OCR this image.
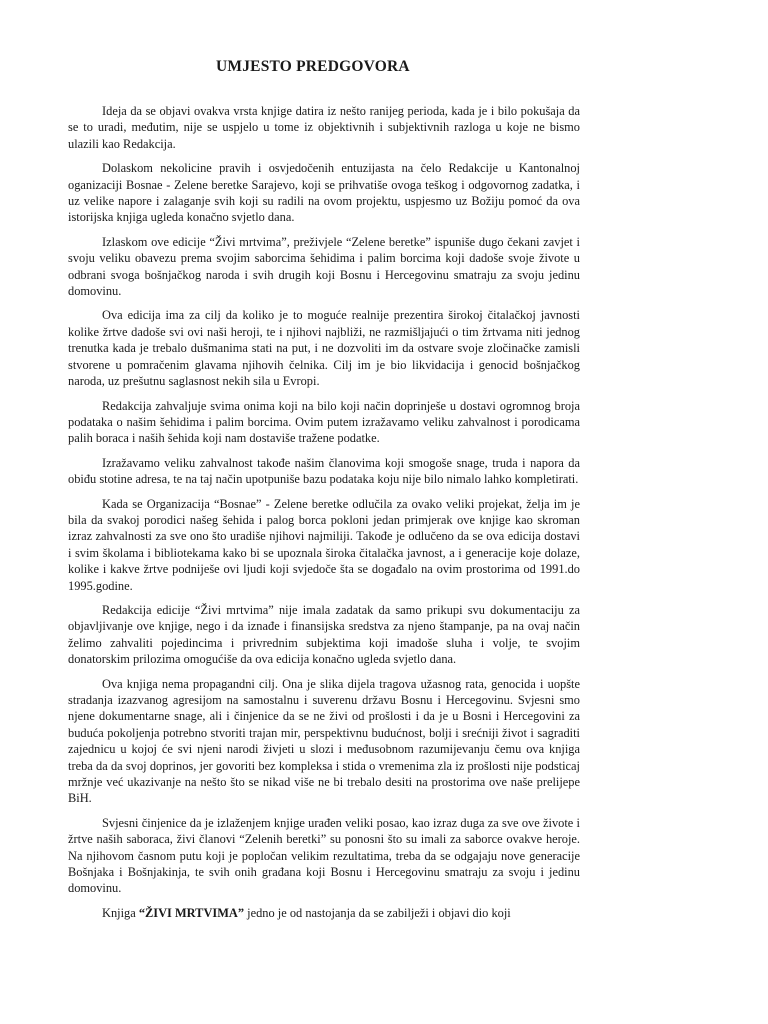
UMJESTO PREDGOVORA

Ideja da se objavi ovakva vrsta knjige datira iz nešto ranijeg perioda, kada je i bilo pokušaja da se to uradi, međutim, nije se uspjelo u tome iz objektivnih i subjektivnih razloga u koje ne bismo ulazili kao Redakcija.

Dolaskom nekolicine pravih i osvjedočenih entuzijasta na čelo Redakcije u Kantonalnoj oganizaciji Bosnae - Zelene beretke Sarajevo, koji se prihvatiše ovoga teškog i odgovornog zadatka, i uz velike napore i zalaganje svih koji su radili na ovom projektu, uspjesmo uz Božiju pomoć da ova istorijska knjiga ugleda konačno svjetlo dana.

Izlaskom ove edicije “Živi mrtvima”, preživjele “Zelene beretke” ispuniše dugo čekani zavjet i svoju veliku obavezu prema svojim saborcima šehidima i palim borcima koji dadoše svoje živote u odbrani svoga bošnjačkog naroda i svih drugih koji Bosnu i Hercegovinu smatraju za svoju jedinu domovinu.

Ova edicija ima za cilj da koliko je to moguće realnije prezentira širokoj čitalačkoj javnosti kolike žrtve dadoše svi ovi naši heroji, te i njihovi najbliži, ne razmišljajući o tim žrtvama niti jednog trenutka kada je trebalo dušmanima stati na put, i ne dozvoliti im da ostvare svoje zločinačke zamisli stvorene u pomračenim glavama njihovih čelnika. Cilj im je bio likvidacija i genocid bošnjačkog naroda, uz prešutnu saglasnost nekih sila u Evropi.

Redakcija zahvaljuje svima onima koji na bilo koji način doprinješe u dostavi ogromnog broja podataka o našim šehidima i palim borcima. Ovim putem izražavamo veliku zahvalnost i porodicama palih boraca i naših šehida koji nam dostaviše tražene podatke.

Izražavamo veliku zahvalnost takođe našim članovima koji smogoše snage, truda i napora da obiđu stotine adresa, te na taj način upotpuniše bazu podataka koju nije bilo nimalo lahko kompletirati.

Kada se Organizacija “Bosnae” - Zelene beretke odlučila za ovako veliki projekat, želja im je bila da svakoj porodici našeg šehida i palog borca pokloni jedan primjerak ove knjige kao skroman izraz zahvalnosti za sve ono što uradiše njihovi najmiliji. Takođe je odlučeno da se ova edicija dostavi i svim školama i bibliotekama kako bi se upoznala široka čitalačka javnost, a i generacije koje dolaze, kolike i kakve žrtve podniješe ovi ljudi koji svjedoče šta se događalo na ovim prostorima od 1991.do 1995.godine.

Redakcija edicije “Živi mrtvima” nije imala zadatak da samo prikupi svu dokumentaciju za objavljivanje ove knjige, nego i da iznađe i finansijska sredstva za njeno štampanje, pa na ovaj način želimo zahvaliti pojedincima i privrednim subjektima koji imadoše sluha i volje, te svojim donatorskim prilozima omogućiše da ova edicija konačno ugleda svjetlo dana.

Ova knjiga nema propagandni cilj. Ona je slika dijela tragova užasnog rata, genocida i uopšte stradanja izazvanog agresijom na samostalnu i suverenu državu Bosnu i Hercegovinu. Svjesni smo njene dokumentarne snage, ali i činjenice da se ne živi od prošlosti i da je u Bosni i Hercegovini za buduća pokoljenja potrebno stvoriti trajan mir, perspektivnu budućnost, bolji i srećniji život i sagraditi zajednicu u kojoj će svi njeni narodi živjeti u slozi i međusobnom razumijevanju čemu ova knjiga treba da da svoj doprinos, jer govoriti bez kompleksa i stida o vremenima zla iz prošlosti nije podsticaj mržnje već ukazivanje na nešto što se nikad više ne bi trebalo desiti na prostorima ove naše prelijepe BiH.

Svjesni činjenice da je izlaženjem knjige urađen veliki posao, kao izraz duga za sve ove živote i žrtve naših saboraca, živi članovi “Zelenih beretki” su ponosni što su imali za saborce ovakve heroje. Na njihovom časnom putu koji je popločan velikim rezultatima, treba da se odgajaju nove generacije Bošnjaka i Bošnjakinja, te svih onih građana koji Bosnu i Hercegovinu smatraju za svoju i jedinu domovinu.

Knjiga “ŽIVI MRTVIMA” jedno je od nastojanja da se zabilježi i objavi dio koji
